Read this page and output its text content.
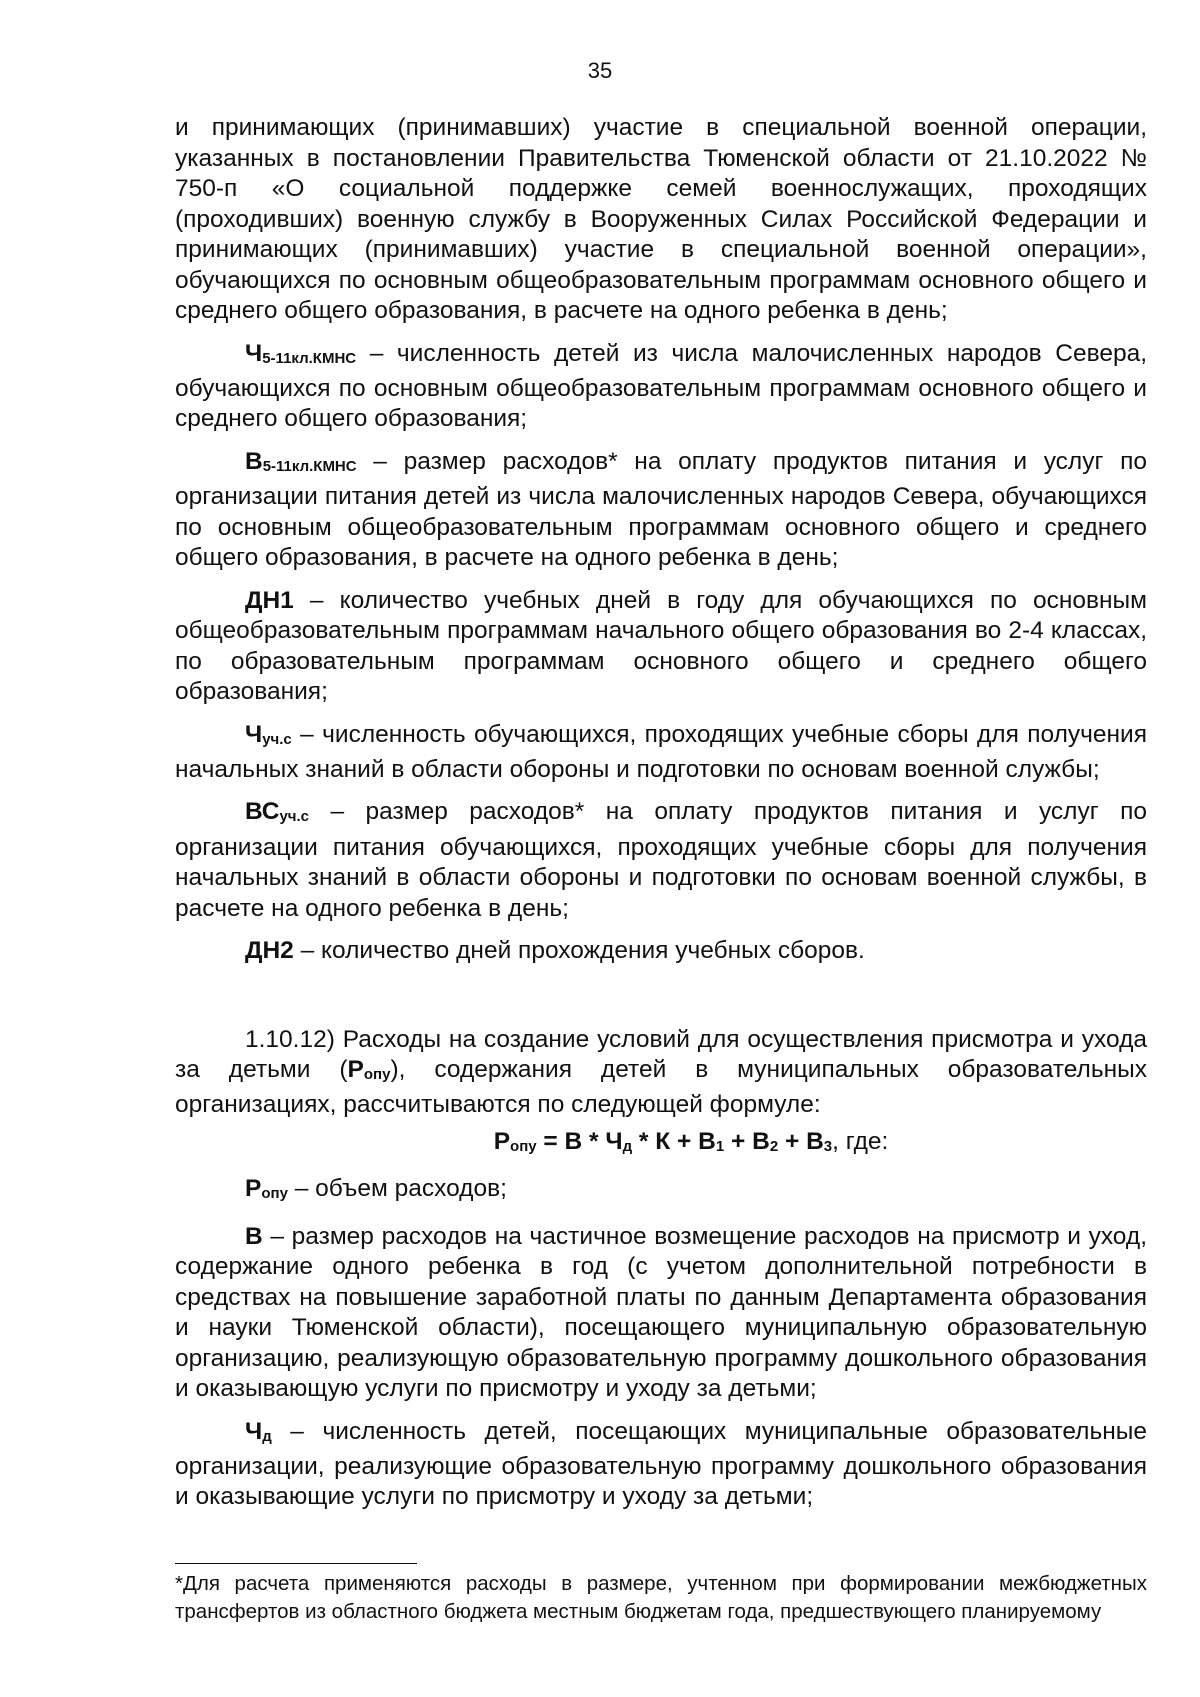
35

и принимающих (принимавших) участие в специальной военной операции, указанных в постановлении Правительства Тюменской области от 21.10.2022 № 750-п «О социальной поддержке семей военнослужащих, проходящих (проходивших) военную службу в Вооруженных Силах Российской Федерации и принимающих (принимавших) участие в специальной военной операции», обучающихся по основным общеобразовательным программам основного общего и среднего общего образования, в расчете на одного ребенка в день;

Ч5-11кл.КМНС – численность детей из числа малочисленных народов Севера, обучающихся по основным общеобразовательным программам основного общего и среднего общего образования;

В5-11кл.КМНС – размер расходов* на оплату продуктов питания и услуг по организации питания детей из числа малочисленных народов Севера, обучающихся по основным общеобразовательным программам основного общего и среднего общего образования, в расчете на одного ребенка в день;

ДН1 – количество учебных дней в году для обучающихся по основным общеобразовательным программам начального общего образования во 2-4 классах, по образовательным программам основного общего и среднего общего образования;

Чуч.с – численность обучающихся, проходящих учебные сборы для получения начальных знаний в области обороны и подготовки по основам военной службы;

ВСуч.с – размер расходов* на оплату продуктов питания и услуг по организации питания обучающихся, проходящих учебные сборы для получения начальных знаний в области обороны и подготовки по основам военной службы, в расчете на одного ребенка в день;

ДН2 – количество дней прохождения учебных сборов.

1.10.12) Расходы на создание условий для осуществления присмотра и ухода за детьми (Ропу), содержания детей в муниципальных образовательных организациях, рассчитываются по следующей формуле:

Ропу = В * Чд * К + В1 + В2 + В3, где:

Ропу – объем расходов;

В – размер расходов на частичное возмещение расходов на присмотр и уход, содержание одного ребенка в год (с учетом дополнительной потребности в средствах на повышение заработной платы по данным Департамента образования и науки Тюменской области), посещающего муниципальную образовательную организацию, реализующую образовательную программу дошкольного образования и оказывающую услуги по присмотру и уходу за детьми;

Чд – численность детей, посещающих муниципальные образовательные организации, реализующие образовательную программу дошкольного образования и оказывающие услуги по присмотру и уходу за детьми;

*Для расчета применяются расходы в размере, учтенном при формировании межбюджетных трансфертов из областного бюджета местным бюджетам года, предшествующего планируемому
